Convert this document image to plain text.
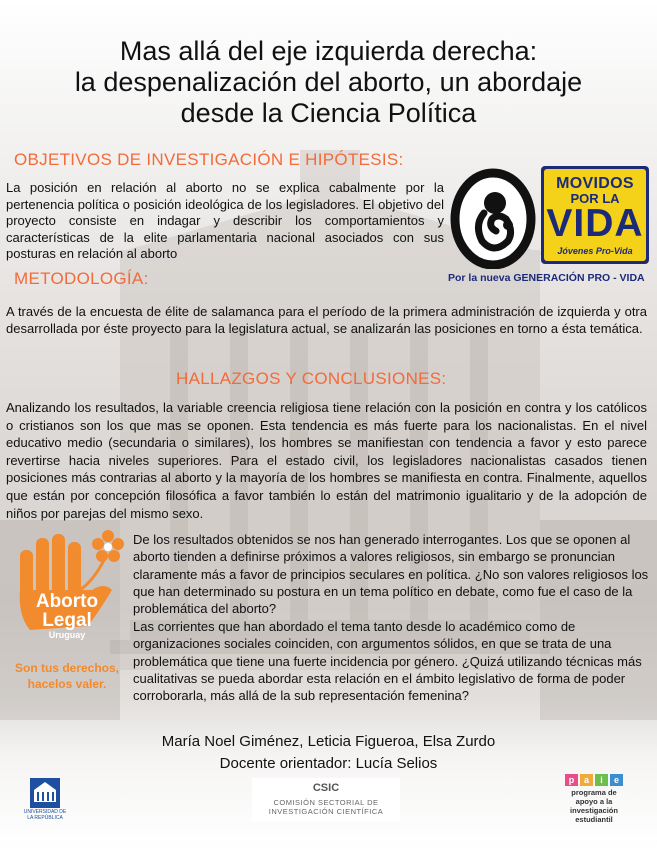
Mas allá del eje izquierda derecha:
la despenalización del aborto, un abordaje
desde la Ciencia Política
OBJETIVOS DE INVESTIGACIÓN E HIPÓTESIS:
La posición en relación al aborto no se explica cabalmente por la pertenencia política o posición ideológica de los legisladores. El objetivo del proyecto consiste en indagar y describir los comportamientos y características de la elite parlamentaria nacional asociados con sus posturas en relación al aborto
MOVIDOS
POR LA
VIDA
Jóvenes Pro-Vida
Por la nueva GENERACIÓN PRO - VIDA
METODOLOGÍA:
A través de la encuesta de élite de salamanca para el período de la primera administración de izquierda y otra desarrollada por éste proyecto para la legislatura actual, se analizarán las posiciones en torno a ésta temática.
HALLAZGOS Y CONCLUSIONES:
Analizando los resultados, la variable creencia religiosa tiene relación con la posición en contra y los católicos o cristianos son los que mas se oponen. Esta tendencia es más fuerte para los nacionalistas. En el nivel educativo medio (secundaria o similares), los hombres se manifiestan con tendencia a favor y esto parece revertirse hacia niveles superiores. Para el estado civil, los legisladores nacionalistas casados tienen posiciones más contrarias al aborto y la mayoría de los hombres se manifiesta en contra. Finalmente, aquellos que están por concepción filosófica a favor también lo están del matrimonio igualitario y de la adopción de niños por parejas del mismo sexo.
Aborto
Legal
Uruguay
Son tus derechos,
hacelos valer.
De los resultados obtenidos se nos han generado interrogantes. Los que se oponen al aborto tienden a definirse próximos a valores religiosos, sin embargo se pronuncian claramente más a favor de principios seculares en política. ¿No son valores religiosos los que han determinado su postura en un tema político en debate, como fue el caso de la problemática del aborto?
Las corrientes que han abordado el tema tanto desde lo académico como de organizaciones sociales coinciden, con argumentos sólidos, en que se trata de una problemática que tiene una fuerte incidencia por género. ¿Quizá utilizando técnicas más cualitativas se pueda abordar esta relación en el ámbito legislativo de forma de poder corroborarla, más allá de la sub representación femenina?
María Noel Giménez, Leticia Figueroa, Elsa Zurdo
Docente orientador: Lucía Selios
UNIVERSIDAD DE LA REPÚBLICA
CSIC
COMISIÓN SECTORIAL DE
INVESTIGACIÓN CIENTÍFICA
p	a	i	e
programa de
apoyo a la
investigación
estudiantil
